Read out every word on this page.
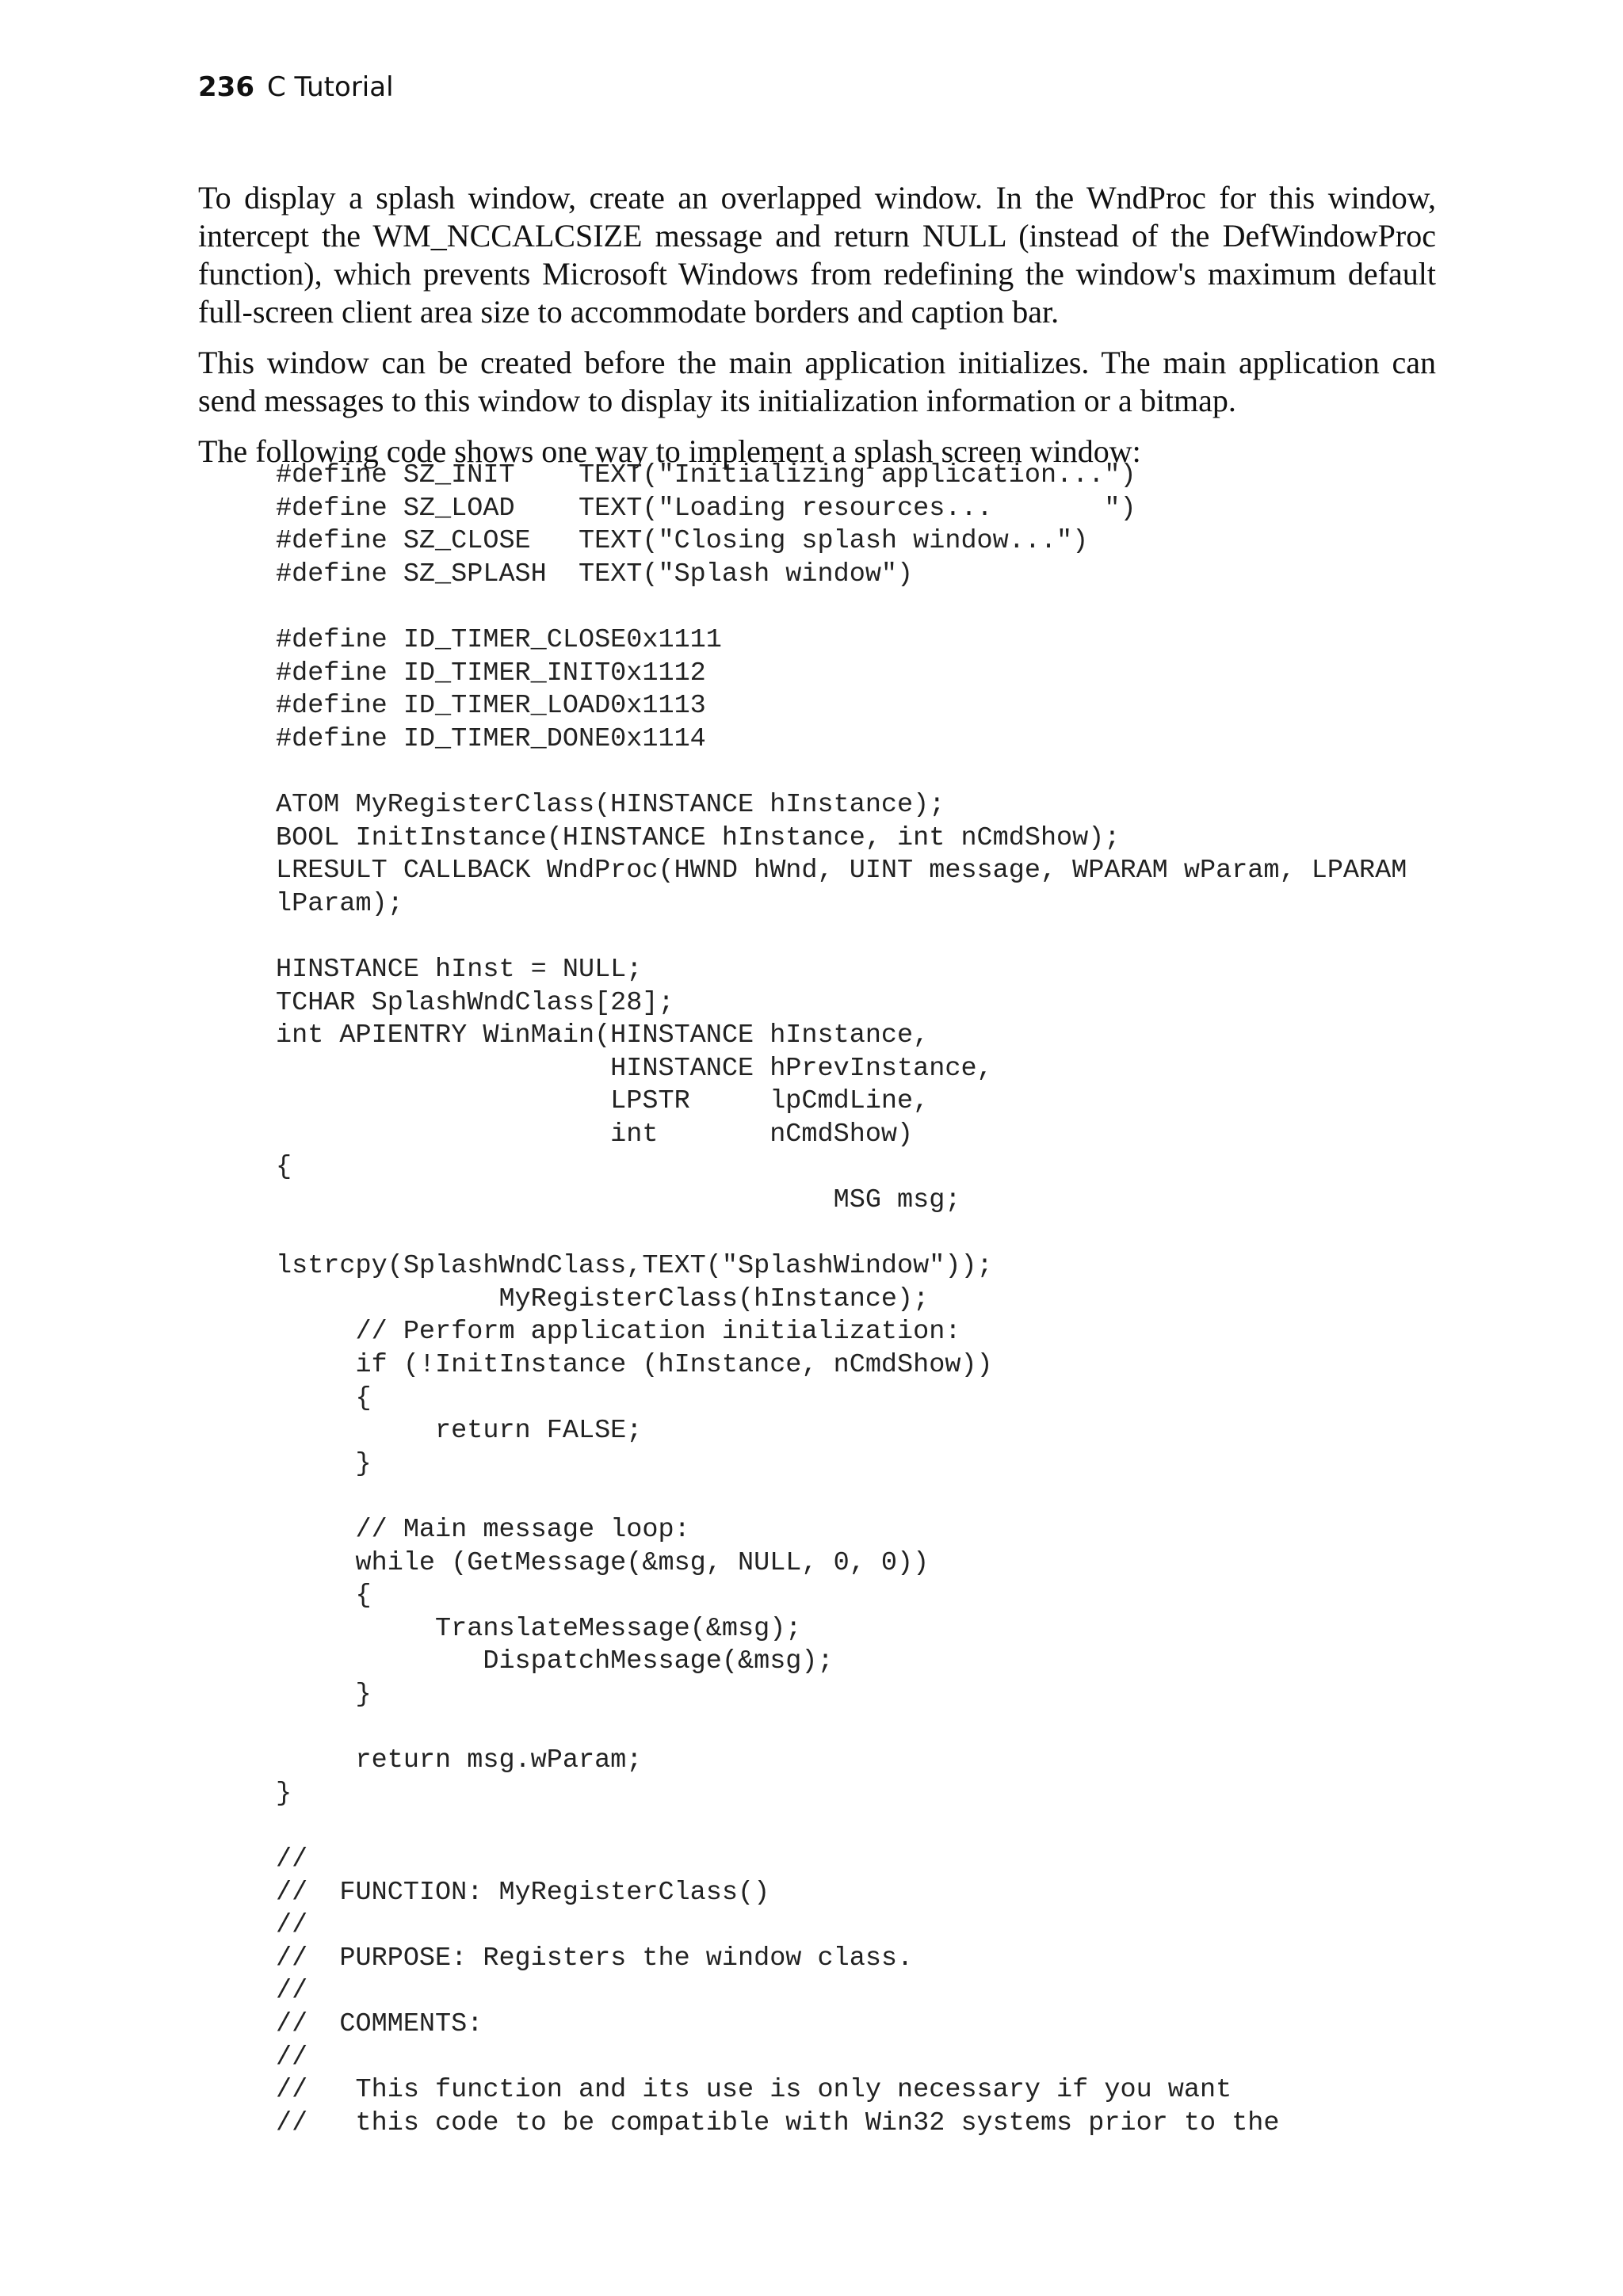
236 C Tutorial

To display a splash window, create an overlapped window. In the WndProc for this window, intercept the WM_NCCALCSIZE message and return NULL (instead of the DefWindowProc function), which prevents Microsoft Windows from redefining the window's maximum default full-screen client area size to accommodate borders and caption bar.

This window can be created before the main application initializes. The main application can send messages to this window to display its initialization information or a bitmap.

The following code shows one way to implement a splash screen window:

#define SZ_INIT    TEXT("Initializing application...")
#define SZ_LOAD    TEXT("Loading resources...       ")
#define SZ_CLOSE   TEXT("Closing splash window...")
#define SZ_SPLASH  TEXT("Splash window")

#define ID_TIMER_CLOSE0x1111
#define ID_TIMER_INIT0x1112
#define ID_TIMER_LOAD0x1113
#define ID_TIMER_DONE0x1114

ATOM MyRegisterClass(HINSTANCE hInstance);
BOOL InitInstance(HINSTANCE hInstance, int nCmdShow);
LRESULT CALLBACK WndProc(HWND hWnd, UINT message, WPARAM wParam, LPARAM
lParam);

HINSTANCE hInst = NULL;
TCHAR SplashWndClass[28];
int APIENTRY WinMain(HINSTANCE hInstance,
HINSTANCE hPrevInstance,
LPSTR     lpCmdLine,
int       nCmdShow)
{
MSG msg;

lstrcpy(SplashWndClass,TEXT("SplashWindow"));
MyRegisterClass(hInstance);
// Perform application initialization:
if (!InitInstance (hInstance, nCmdShow))
{
return FALSE;
}

// Main message loop:
while (GetMessage(&msg, NULL, 0, 0))
{
TranslateMessage(&msg);
DispatchMessage(&msg);
}

return msg.wParam;
}

//
//  FUNCTION: MyRegisterClass()
//
//  PURPOSE: Registers the window class.
//
//  COMMENTS:
//
//   This function and its use is only necessary if you want
//   this code to be compatible with Win32 systems prior to the
